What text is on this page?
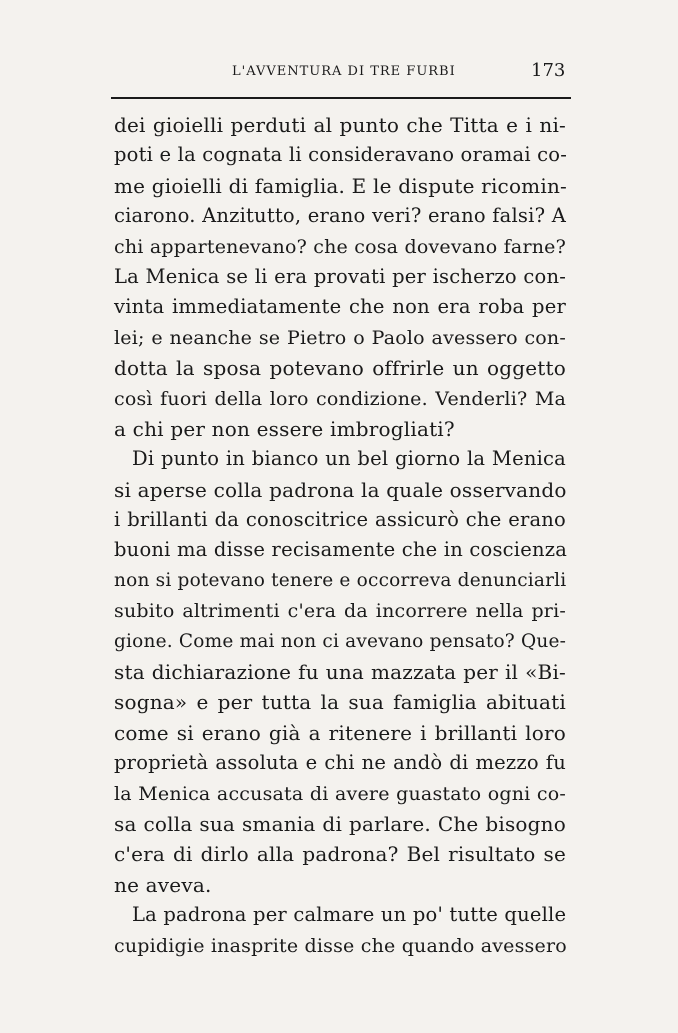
L'AVVENTURA DI TRE FURBI	173
dei gioielli perduti al punto che Titta e i ni-
poti e la cognata li consideravano oramai co-
me gioielli di famiglia. E le dispute ricomin-
ciarono. Anzitutto, erano veri? erano falsi? A
chi appartenevano? che cosa dovevano farne?
La Menica se li era provati per ischerzo con-
vinta immediatamente che non era roba per
lei; e neanche se Pietro o Paolo avessero con-
dotta la sposa potevano offrirle un oggetto
così fuori della loro condizione. Venderli? Ma
a chi per non essere imbrogliati?
Di punto in bianco un bel giorno la Menica
si aperse colla padrona la quale osservando
i brillanti da conoscitrice assicurò che erano
buoni ma disse recisamente che in coscienza
non si potevano tenere e occorreva denunciarli
subito altrimenti c'era da incorrere nella pri-
gione. Come mai non ci avevano pensato? Que-
sta dichiarazione fu una mazzata per il «Bi-
sogna» e per tutta la sua famiglia abituati
come si erano già a ritenere i brillanti loro
proprietà assoluta e chi ne andò di mezzo fu
la Menica accusata di avere guastato ogni co-
sa colla sua smania di parlare. Che bisogno
c'era di dirlo alla padrona? Bel risultato se
ne aveva.
La padrona per calmare un po' tutte quelle
cupidigie inasprite disse che quando avessero
